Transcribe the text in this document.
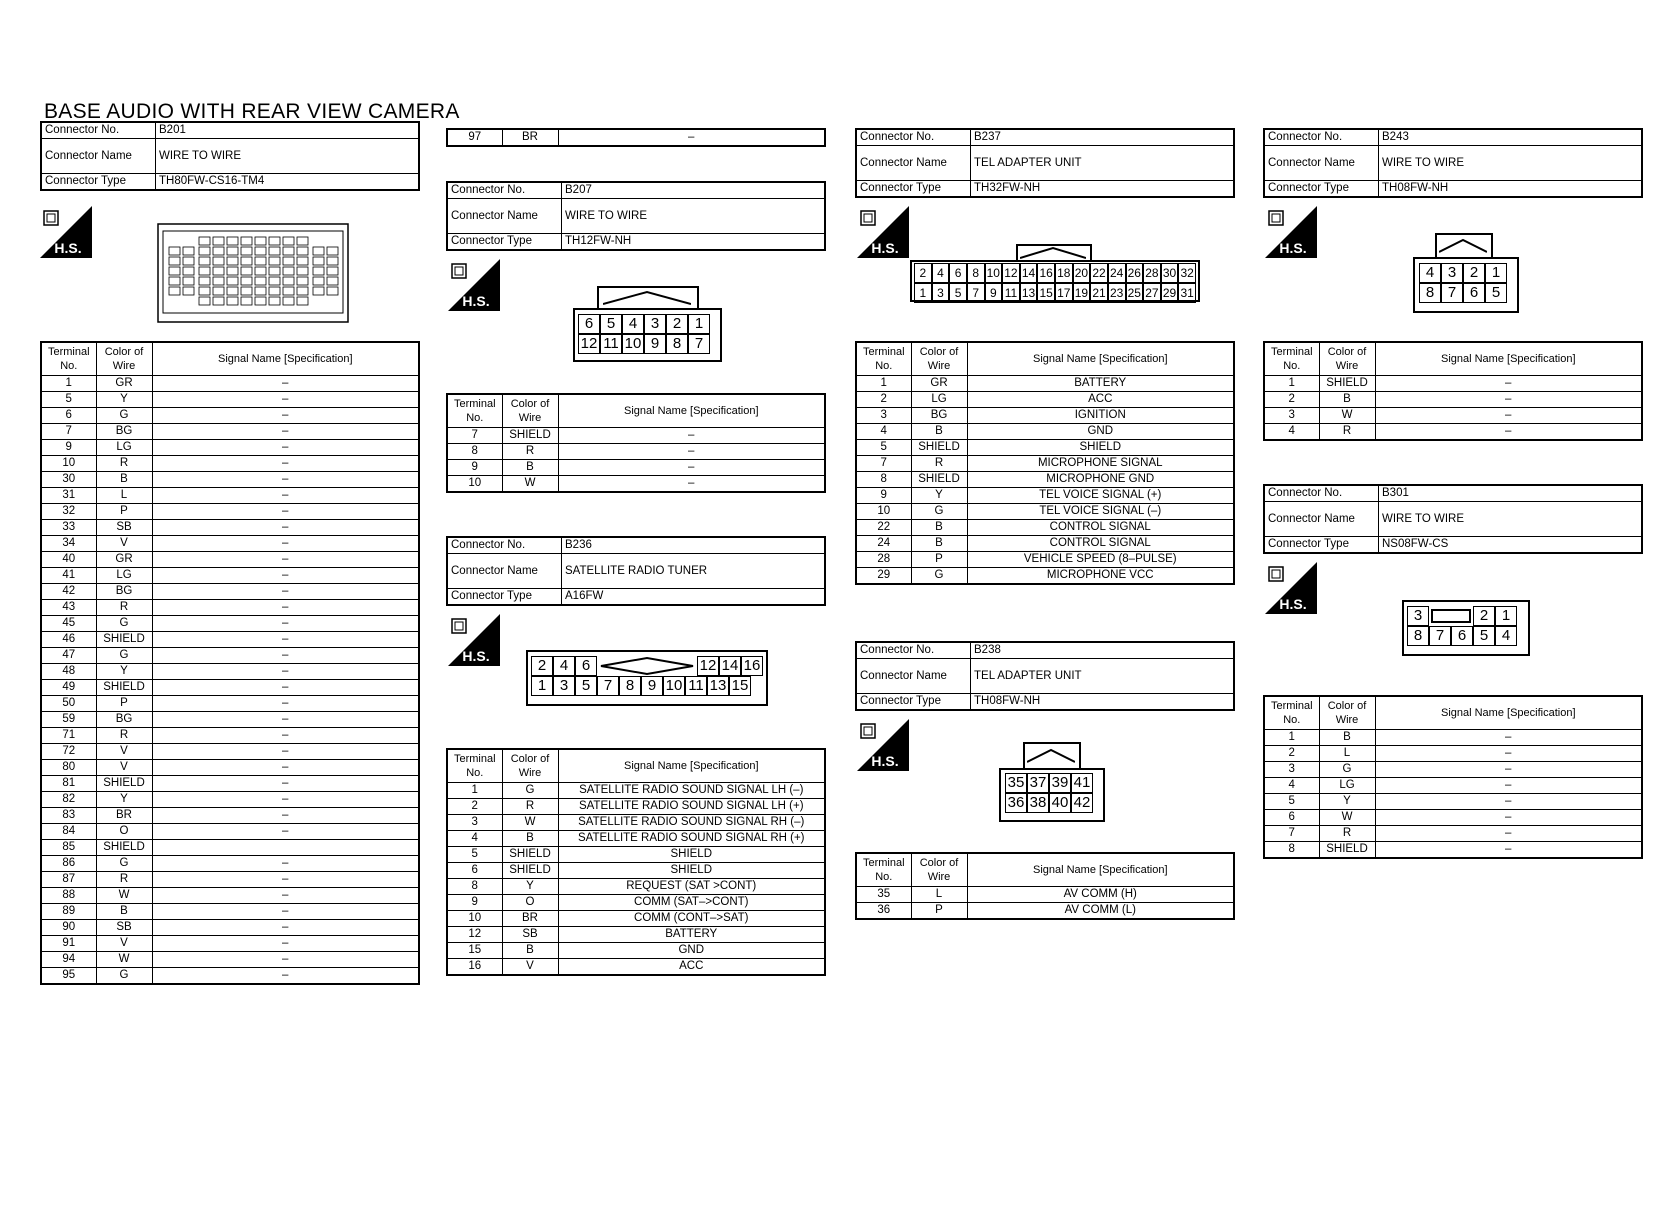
BASE AUDIO WITH REAR VIEW CAMERA
Connector No.	B201
Connector Name	WIRE TO WIRE
Connector Type	TH80FW-CS16-TM4
H.S.
Terminal No.	Color of Wire	Signal Name [Specification]
1	GR	–
5	Y	–
6	G	–
7	BG	–
9	LG	–
10	R	–
30	B	–
31	L	–
32	P	–
33	SB	–
34	V	–
40	GR	–
41	LG	–
42	BG	–
43	R	–
45	G	–
46	SHIELD	–
47	G	–
48	Y	–
49	SHIELD	–
50	P	–
59	BG	–
71	R	–
72	V	–
80	V	–
81	SHIELD	–
82	Y	–
83	BR	–
84	O	–
85	SHIELD	
86	G	–
87	R	–
88	W	–
89	B	–
90	SB	–
91	V	–
94	W	–
95	G	–
97	BR	–
Connector No.	B207
Connector Name	WIRE TO WIRE
Connector Type	TH12FW-NH
H.S.
6 5 4 3 2 1
12 11 10 9 8 7
Terminal No.	Color of Wire	Signal Name [Specification]
7	SHIELD	–
8	R	–
9	B	–
10	W	–
Connector No.	B236
Connector Name	SATELLITE RADIO TUNER
Connector Type	A16FW
H.S.
2 4 6	12 14 16
1 3 5 7 8 9 10 11 13 15
Terminal No.	Color of Wire	Signal Name [Specification]
1	G	SATELLITE RADIO SOUND SIGNAL LH (–)
2	R	SATELLITE RADIO SOUND SIGNAL LH (+)
3	W	SATELLITE RADIO SOUND SIGNAL RH (–)
4	B	SATELLITE RADIO SOUND SIGNAL RH (+)
5	SHIELD	SHIELD
6	SHIELD	SHIELD
8	Y	REQUEST (SAT >CONT)
9	O	COMM (SAT–>CONT)
10	BR	COMM (CONT–>SAT)
12	SB	BATTERY
15	B	GND
16	V	ACC
Connector No.	B237
Connector Name	TEL ADAPTER UNIT
Connector Type	TH32FW-NH
H.S.
2 4 6 8 10 12 14 16 18 20 22 24 26 28 30 32
1 3 5 7 9 11 13 15 17 19 21 23 25 27 29 31
Terminal No.	Color of Wire	Signal Name [Specification]
1	GR	BATTERY
2	LG	ACC
3	BG	IGNITION
4	B	GND
5	SHIELD	SHIELD
7	R	MICROPHONE SIGNAL
8	SHIELD	MICROPHONE GND
9	Y	TEL VOICE SIGNAL (+)
10	G	TEL VOICE SIGNAL (–)
22	B	CONTROL SIGNAL
24	B	CONTROL SIGNAL
28	P	VEHICLE SPEED (8–PULSE)
29	G	MICROPHONE VCC
Connector No.	B238
Connector Name	TEL ADAPTER UNIT
Connector Type	TH08FW-NH
H.S.
35 37 39 41
36 38 40 42
Terminal No.	Color of Wire	Signal Name [Specification]
35	L	AV COMM (H)
36	P	AV COMM (L)
Connector No.	B243
Connector Name	WIRE TO WIRE
Connector Type	TH08FW-NH
H.S.
4 3 2 1
8 7 6 5
Terminal No.	Color of Wire	Signal Name [Specification]
1	SHIELD	–
2	B	–
3	W	–
4	R	–
Connector No.	B301
Connector Name	WIRE TO WIRE
Connector Type	NS08FW-CS
H.S.
3	2 1
8 7 6 5 4
Terminal No.	Color of Wire	Signal Name [Specification]
1	B	–
2	L	–
3	G	–
4	LG	–
5	Y	–
6	W	–
7	R	–
8	SHIELD	–
